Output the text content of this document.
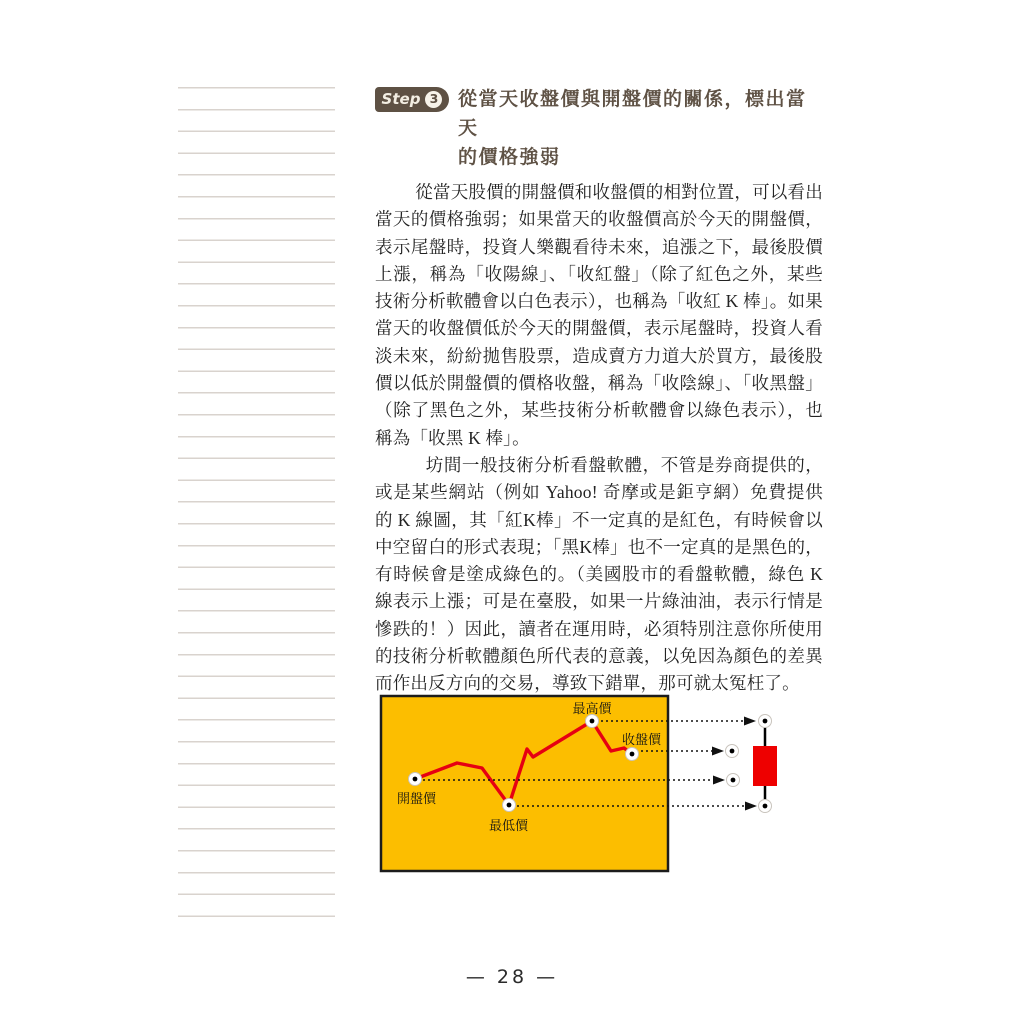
Step 3 從當天收盤價與開盤價的關係，標出當天
的價格強弱

從當天股價的開盤價和收盤價的相對位置，可以看出當天的價格強弱；如果當天的收盤價高於今天的開盤價，表示尾盤時，投資人樂觀看待未來，追漲之下，最後股價上漲，稱為「收陽線」、「收紅盤」（除了紅色之外，某些技術分析軟體會以白色表示），也稱為「收紅 K 棒」。如果當天的收盤價低於今天的開盤價，表示尾盤時，投資人看淡未來，紛紛拋售股票，造成賣方力道大於買方，最後股價以低於開盤價的價格收盤，稱為「收陰線」、「收黑盤」（除了黑色之外，某些技術分析軟體會以綠色表示），也稱為「收黑 K 棒」。

坊間一般技術分析看盤軟體，不管是券商提供的，或是某些網站（例如 Yahoo! 奇摩或是鉅亨網）免費提供的 K 線圖，其「紅K棒」不一定真的是紅色，有時候會以中空留白的形式表現；「黑K棒」也不一定真的是黑色的，有時候會是塗成綠色的。（美國股市的看盤軟體，綠色 K 線表示上漲；可是在臺股，如果一片綠油油，表示行情是慘跌的！）因此，讀者在運用時，必須特別注意你所使用的技術分析軟體顏色所代表的意義，以免因為顏色的差異而作出反方向的交易，導致下錯單，那可就太冤枉了。

最高價
收盤價
開盤價
最低價
— 28 —
